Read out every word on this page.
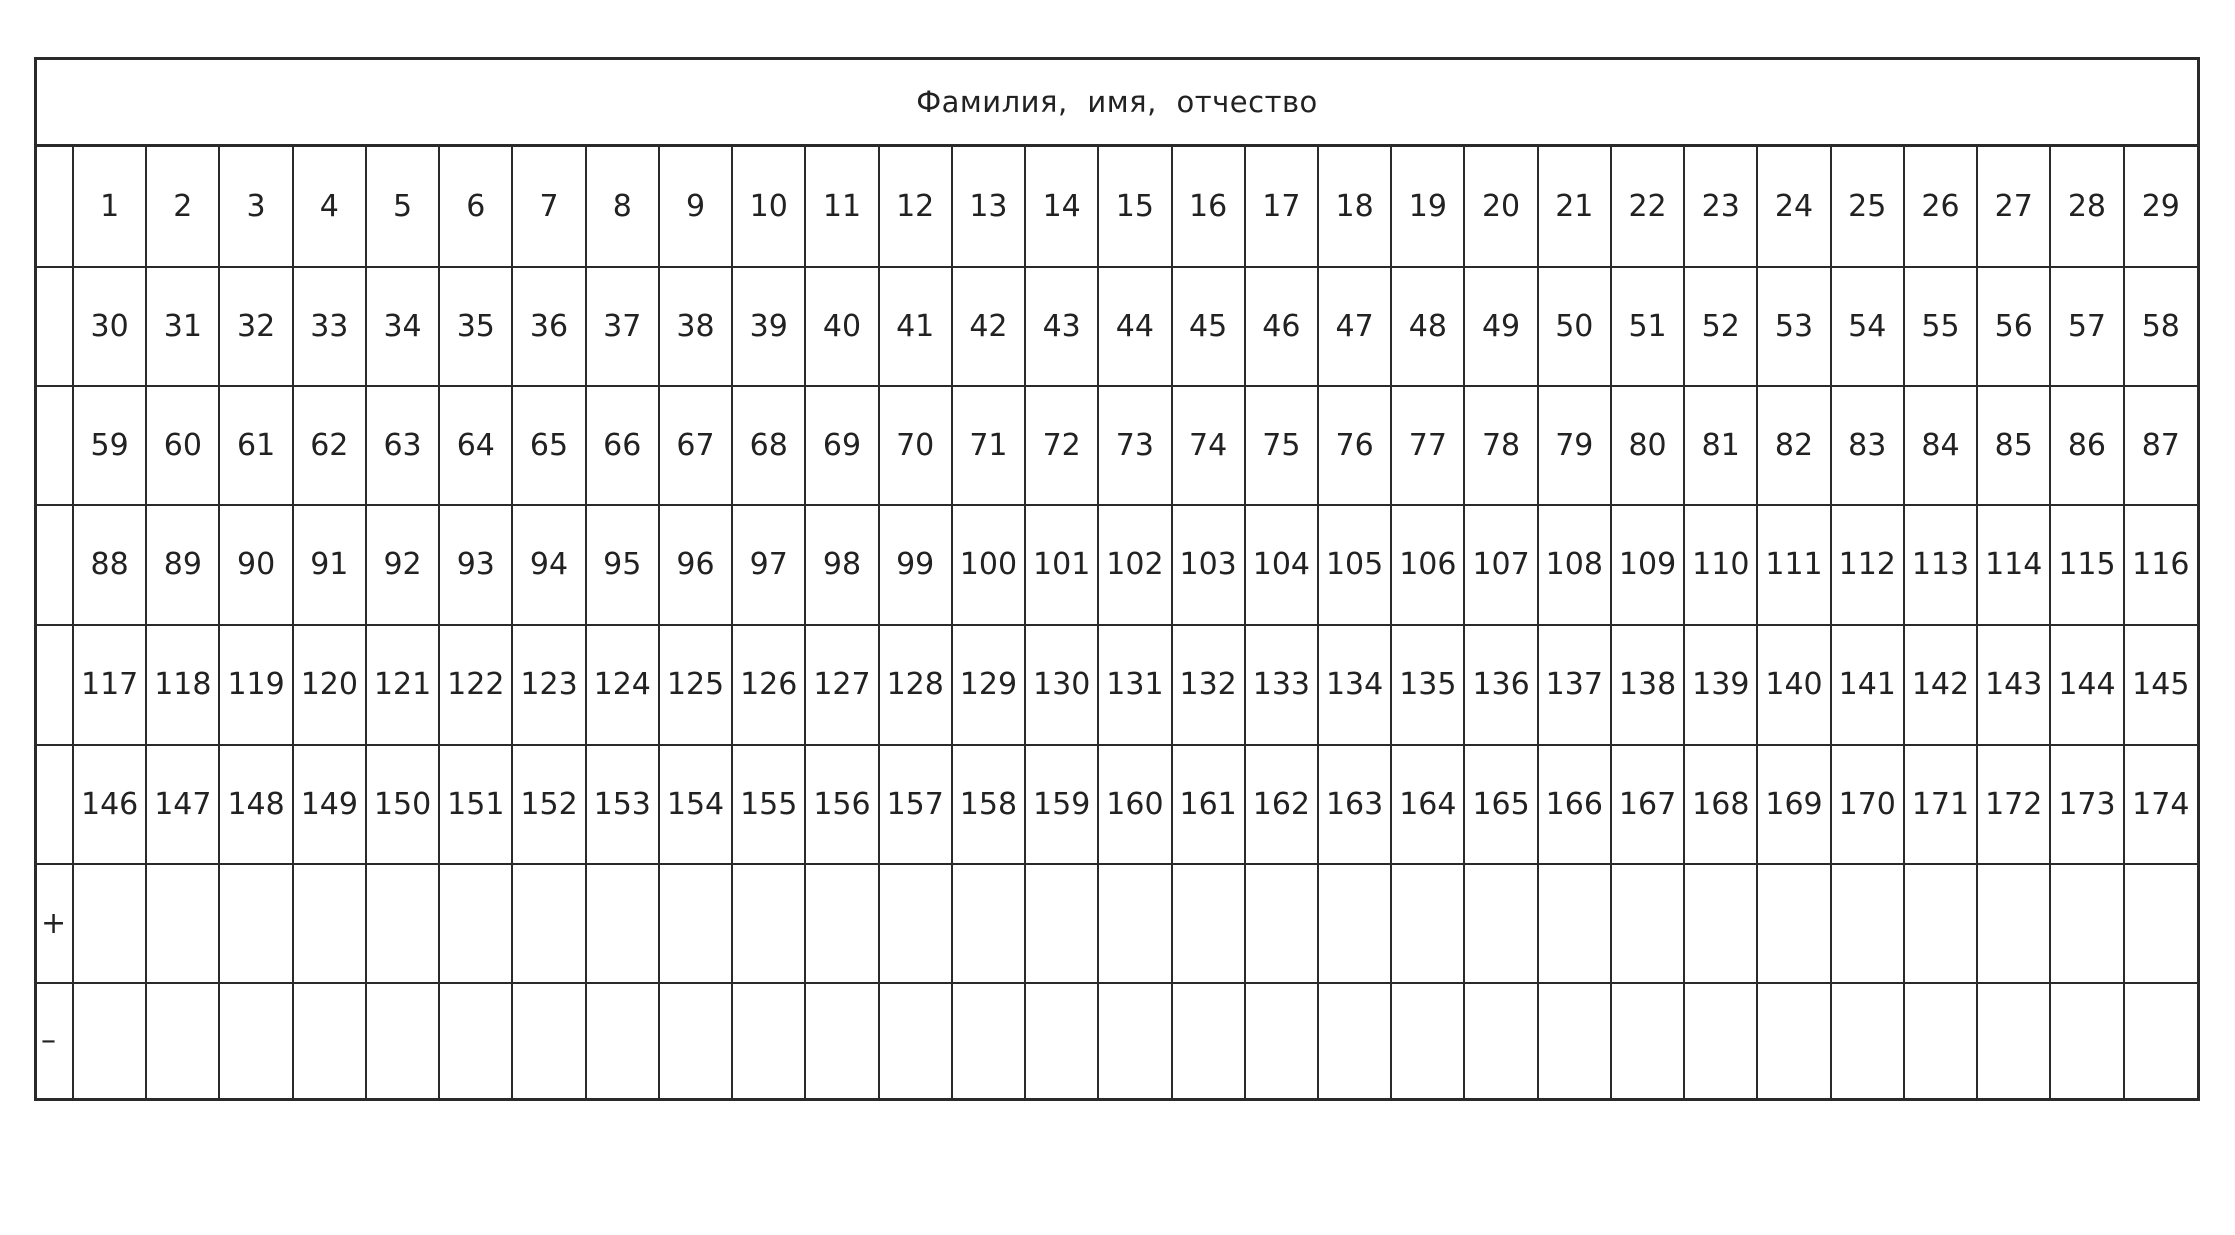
Фамилия, имя, отчество
	1	2	3	4	5	6	7	8	9	10	11	12	13	14	15	16	17	18	19	20	21	22	23	24	25	26	27	28	29
	30	31	32	33	34	35	36	37	38	39	40	41	42	43	44	45	46	47	48	49	50	51	52	53	54	55	56	57	58
	59	60	61	62	63	64	65	66	67	68	69	70	71	72	73	74	75	76	77	78	79	80	81	82	83	84	85	86	87
	88	89	90	91	92	93	94	95	96	97	98	99	100	101	102	103	104	105	106	107	108	109	110	111	112	113	114	115	116
	117	118	119	120	121	122	123	124	125	126	127	128	129	130	131	132	133	134	135	136	137	138	139	140	141	142	143	144	145
	146	147	148	149	150	151	152	153	154	155	156	157	158	159	160	161	162	163	164	165	166	167	168	169	170	171	172	173	174
+																													
–																													
